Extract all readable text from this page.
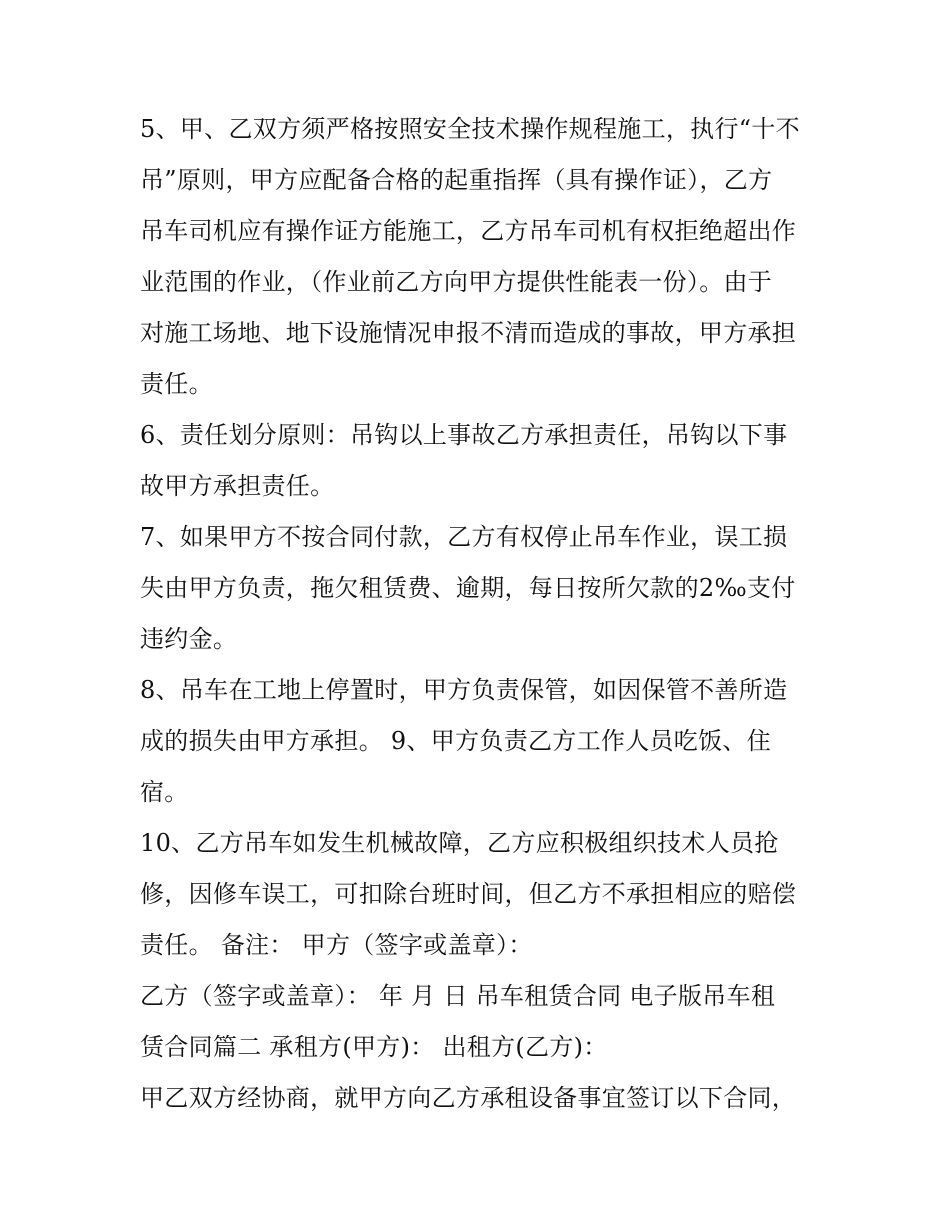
5、甲、乙双方须严格按照安全技术操作规程施工，执行“十不
吊”原则，甲方应配备合格的起重指挥（具有操作证），乙方
吊车司机应有操作证方能施工，乙方吊车司机有权拒绝超出作
业范围的作业，（作业前乙方向甲方提供性能表一份）。由于
对施工场地、地下设施情况申报不清而造成的事故，甲方承担
责任。
6、责任划分原则：吊钩以上事故乙方承担责任，吊钩以下事
故甲方承担责任。
7、如果甲方不按合同付款，乙方有权停止吊车作业，误工损
失由甲方负责，拖欠租赁费、逾期，每日按所欠款的2‰支付
违约金。
8、吊车在工地上停置时，甲方负责保管，如因保管不善所造
成的损失由甲方承担。 9、甲方负责乙方工作人员吃饭、住
宿。
10、乙方吊车如发生机械故障，乙方应积极组织技术人员抢
修，因修车误工，可扣除台班时间，但乙方不承担相应的赔偿
责任。 备注： 甲方（签字或盖章）：
乙方（签字或盖章）： 年 月 日 吊车租赁合同 电子版吊车租
赁合同篇二 承租方(甲方)： 出租方(乙方)：
甲乙双方经协商，就甲方向乙方承租设备事宜签订以下合同，
